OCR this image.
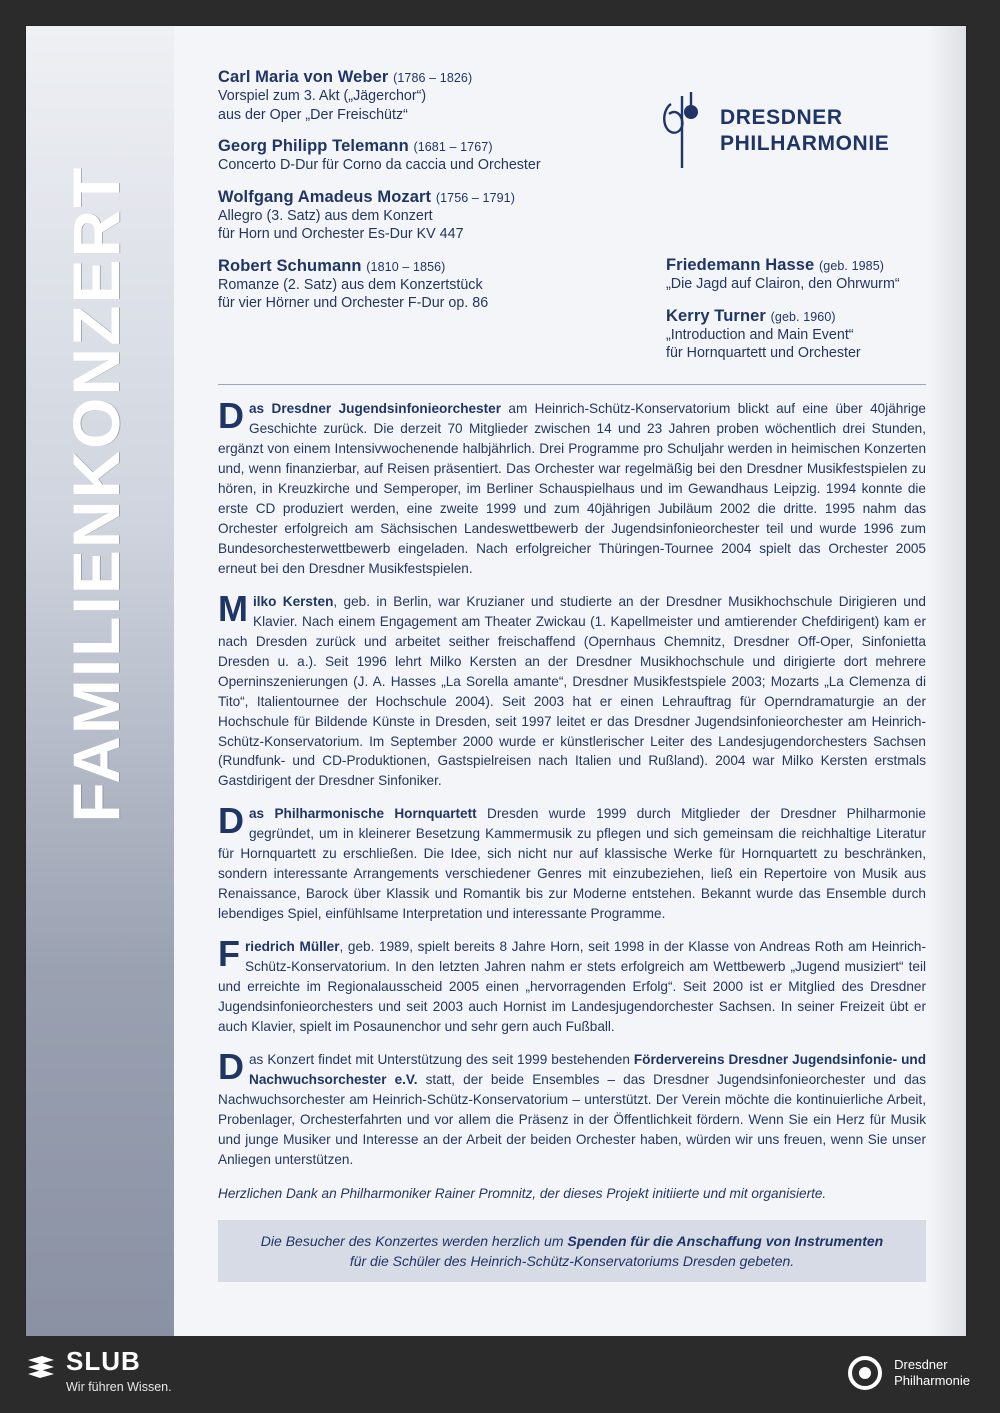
FAMILIENKONZERT
DRESDNER
PHILHARMONIE
Carl Maria von Weber (1786 – 1826)
Vorspiel zum 3. Akt („Jägerchor“)
aus der Oper „Der Freischütz“
Georg Philipp Telemann (1681 – 1767)
Concerto D-Dur für Corno da caccia und Orchester
Wolfgang Amadeus Mozart (1756 – 1791)
Allegro (3. Satz) aus dem Konzert
für Horn und Orchester Es-Dur KV 447
Robert Schumann (1810 – 1856)
Romanze (2. Satz) aus dem Konzertstück
für vier Hörner und Orchester F-Dur op. 86
Friedemann Hasse (geb. 1985)
„Die Jagd auf Clairon, den Ohrwurm“
Kerry Turner (geb. 1960)
„Introduction and Main Event“
für Hornquartett und Orchester

Das Dresdner Jugendsinfonieorchester am Heinrich-Schütz-Konservatorium blickt auf eine über 40jährige Geschichte zurück. Die derzeit 70 Mitglieder zwischen 14 und 23 Jahren proben wöchentlich drei Stunden, ergänzt von einem Intensivwochenende halbjährlich. Drei Programme pro Schuljahr werden in heimischen Konzerten und, wenn finanzierbar, auf Reisen präsentiert. Das Orchester war regelmäßig bei den Dresdner Musikfestspielen zu hören, in Kreuzkirche und Semperoper, im Berliner Schauspielhaus und im Gewandhaus Leipzig. 1994 konnte die erste CD produziert werden, eine zweite 1999 und zum 40jährigen Jubiläum 2002 die dritte. 1995 nahm das Orchester erfolgreich am Sächsischen Landeswettbewerb der Jugendsinfonieorchester teil und wurde 1996 zum Bundesorchesterwettbewerb eingeladen. Nach erfolgreicher Thüringen-Tournee 2004 spielt das Orchester 2005 erneut bei den Dresdner Musikfestspielen.

Milko Kersten, geb. in Berlin, war Kruzianer und studierte an der Dresdner Musikhochschule Dirigieren und Klavier. Nach einem Engagement am Theater Zwickau (1. Kapellmeister und amtierender Chefdirigent) kam er nach Dresden zurück und arbeitet seither freischaffend (Opernhaus Chemnitz, Dresdner Off-Oper, Sinfonietta Dresden u. a.). Seit 1996 lehrt Milko Kersten an der Dresdner Musikhochschule und dirigierte dort mehrere Operninszenierungen (J. A. Hasses „La Sorella amante“, Dresdner Musikfestspiele 2003; Mozarts „La Clemenza di Tito“, Italientournee der Hochschule 2004). Seit 2003 hat er einen Lehrauftrag für Operndramaturgie an der Hochschule für Bildende Künste in Dresden, seit 1997 leitet er das Dresdner Jugendsinfonieorchester am Heinrich-Schütz-Konservatorium. Im September 2000 wurde er künstlerischer Leiter des Landesjugendorchesters Sachsen (Rundfunk- und CD-Produktionen, Gastspielreisen nach Italien und Rußland). 2004 war Milko Kersten erstmals Gastdirigent der Dresdner Sinfoniker.

Das Philharmonische Hornquartett Dresden wurde 1999 durch Mitglieder der Dresdner Philharmonie gegründet, um in kleinerer Besetzung Kammermusik zu pflegen und sich gemeinsam die reichhaltige Literatur für Hornquartett zu erschließen. Die Idee, sich nicht nur auf klassische Werke für Hornquartett zu beschränken, sondern interessante Arrangements verschiedener Genres mit einzubeziehen, ließ ein Repertoire von Musik aus Renaissance, Barock über Klassik und Romantik bis zur Moderne entstehen. Bekannt wurde das Ensemble durch lebendiges Spiel, einfühlsame Interpretation und interessante Programme.

Friedrich Müller, geb. 1989, spielt bereits 8 Jahre Horn, seit 1998 in der Klasse von Andreas Roth am Heinrich-Schütz-Konservatorium. In den letzten Jahren nahm er stets erfolgreich am Wettbewerb „Jugend musiziert“ teil und erreichte im Regionalausscheid 2005 einen „hervorragenden Erfolg“. Seit 2000 ist er Mitglied des Dresdner Jugendsinfonieorchesters und seit 2003 auch Hornist im Landesjugendorchester Sachsen. In seiner Freizeit übt er auch Klavier, spielt im Posaunenchor und sehr gern auch Fußball.

Das Konzert findet mit Unterstützung des seit 1999 bestehenden Fördervereins Dresdner Jugendsinfonie- und Nachwuchsorchester e.V. statt, der beide Ensembles – das Dresdner Jugendsinfonieorchester und das Nachwuchsorchester am Heinrich-Schütz-Konservatorium – unterstützt. Der Verein möchte die kontinuierliche Arbeit, Probenlager, Orchesterfahrten und vor allem die Präsenz in der Öffentlichkeit fördern. Wenn Sie ein Herz für Musik und junge Musiker und Interesse an der Arbeit der beiden Orchester haben, würden wir uns freuen, wenn Sie unser Anliegen unterstützen.

Herzlichen Dank an Philharmoniker Rainer Promnitz, der dieses Projekt initiierte und mit organisierte.

Die Besucher des Konzertes werden herzlich um Spenden für die Anschaffung von Instrumenten
für die Schüler des Heinrich-Schütz-Konservatoriums Dresden gebeten.
SLUB
Wir führen Wissen.
Dresdner
Philharmonie
